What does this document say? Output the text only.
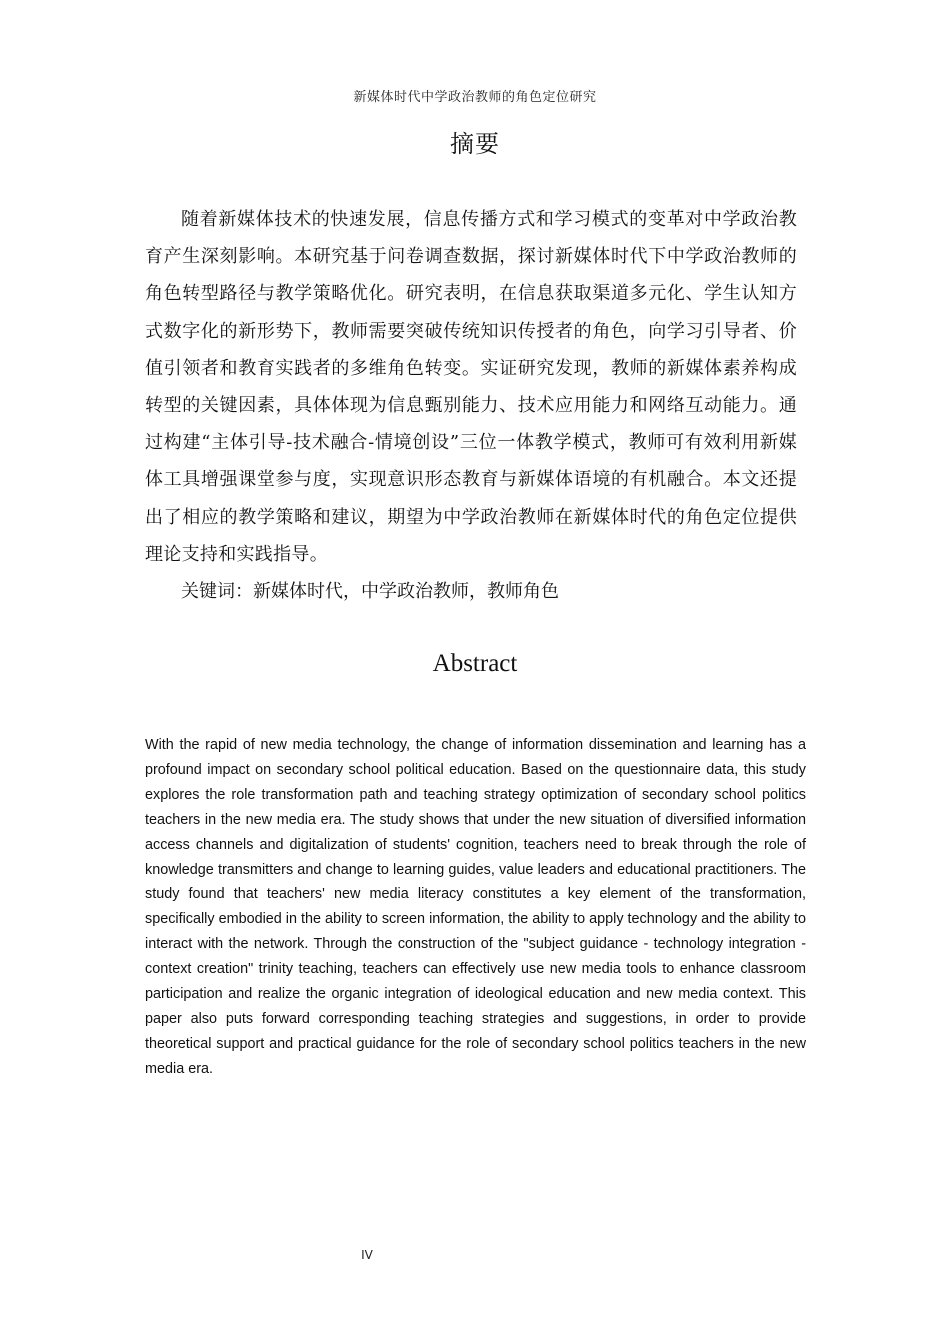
新媒体时代中学政治教师的角色定位研究
摘要

随着新媒体技术的快速发展，信息传播方式和学习模式的变革对中学政治教育产生深刻影响。本研究基于问卷调查数据，探讨新媒体时代下中学政治教师的角色转型路径与教学策略优化。研究表明，在信息获取渠道多元化、学生认知方式数字化的新形势下，教师需要突破传统知识传授者的角色，向学习引导者、价值引领者和教育实践者的多维角色转变。实证研究发现，教师的新媒体素养构成转型的关键因素，具体体现为信息甄别能力、技术应用能力和网络互动能力。通过构建“主体引导-技术融合-情境创设”三位一体教学模式，教师可有效利用新媒体工具增强课堂参与度，实现意识形态教育与新媒体语境的有机融合。本文还提出了相应的教学策略和建议，期望为中学政治教师在新媒体时代的角色定位提供理论支持和实践指导。

关键词：新媒体时代，中学政治教师，教师角色

Abstract

With the rapid of new media technology, the change of information dissemination and learning has a profound impact on secondary school political education. Based on the questionnaire data, this study explores the role transformation path and teaching strategy optimization of secondary school politics teachers in the new media era. The study shows that under the new situation of diversified information access channels and digitalization of students' cognition, teachers need to break through the role of knowledge transmitters and change to learning guides, value leaders and educational practitioners. The study found that teachers' new media literacy constitutes a key element of the transformation, specifically embodied in the ability to screen information, the ability to apply technology and the ability to interact with the network. Through the construction of the "subject guidance - technology integration - context creation" trinity teaching, teachers can effectively use new media tools to enhance classroom participation and realize the organic integration of ideological education and new media context. This paper also puts forward corresponding teaching strategies and suggestions, in order to provide theoretical support and practical guidance for the role of secondary school politics teachers in the new media era.

IV
